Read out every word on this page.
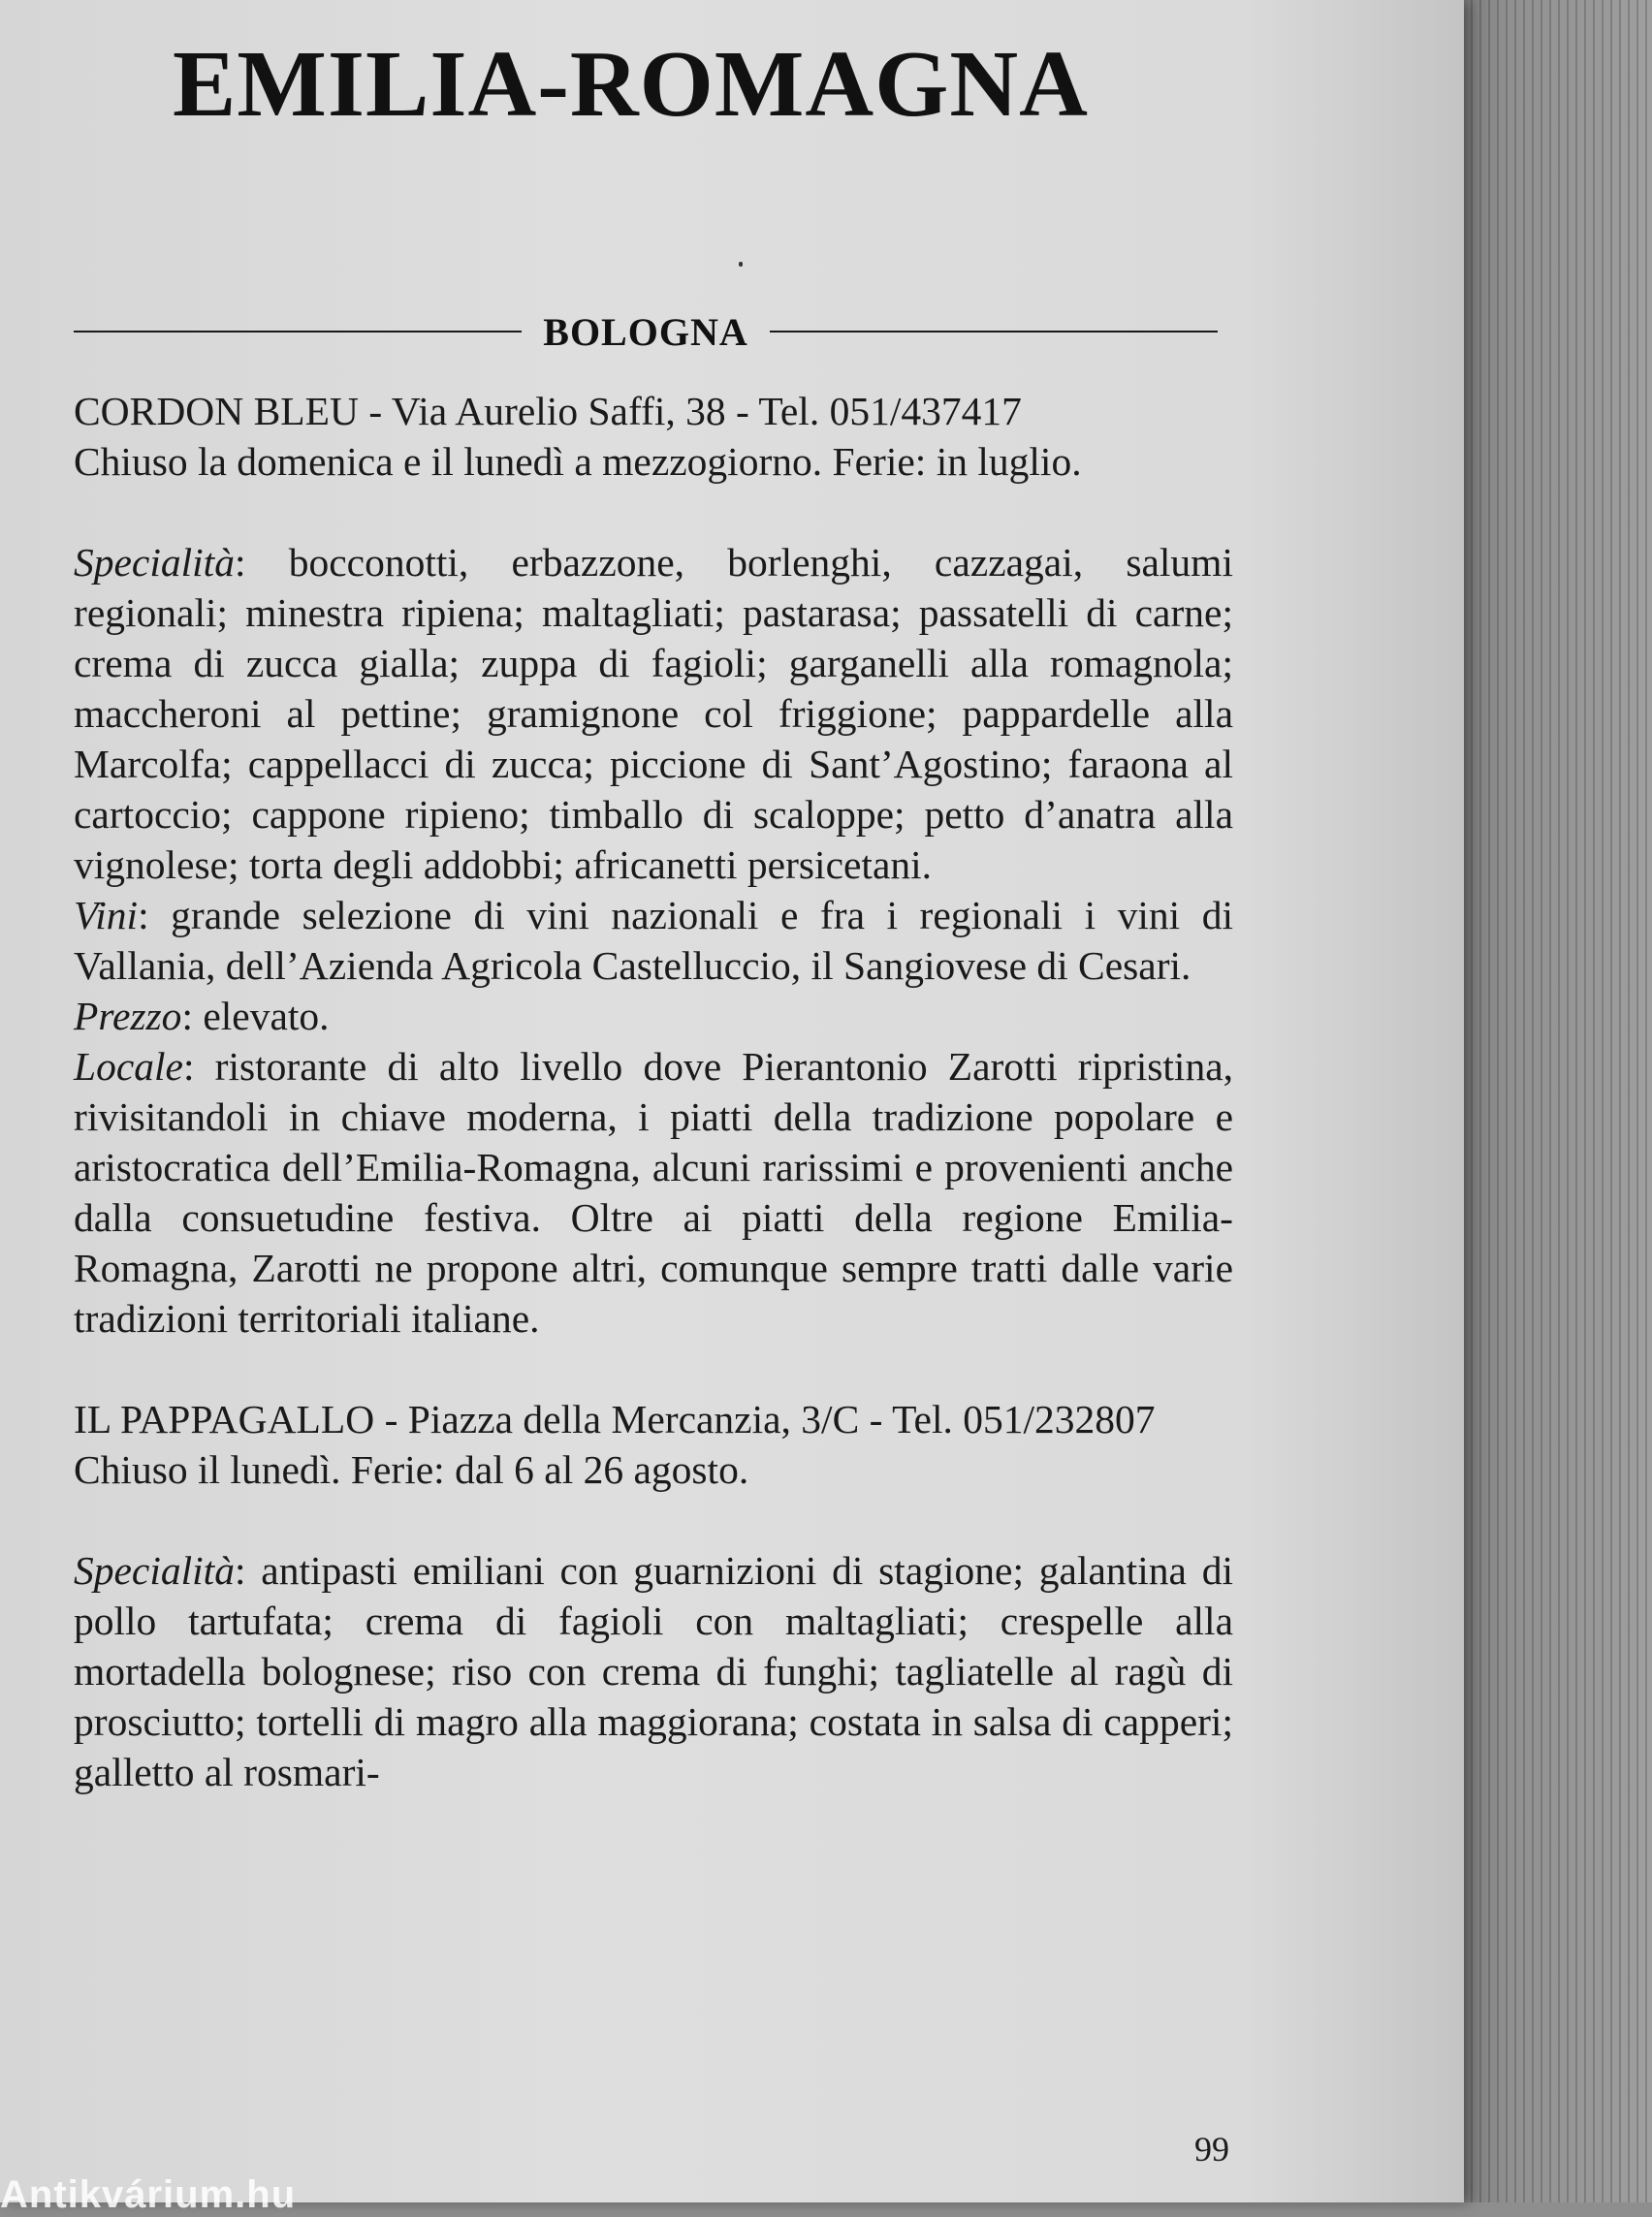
EMILIA-ROMAGNA
BOLOGNA

CORDON BLEU - Via Aurelio Saffi, 38 - Tel. 051/437417

Chiuso la domenica e il lunedì a mezzogiorno. Ferie: in luglio.

Specialità: bocconotti, erbazzone, borlenghi, cazzagai, salumi regionali; minestra ripiena; maltagliati; pastarasa; passatelli di carne; crema di zucca gialla; zuppa di fagioli; garganelli alla romagnola; maccheroni al pettine; gramignone col friggione; pappardelle alla Marcolfa; cappellacci di zucca; piccione di Sant’Agostino; faraona al cartoccio; cappone ripieno; timballo di scaloppe; petto d’anatra alla vignolese; torta degli addobbi; africanetti persicetani.

Vini: grande selezione di vini nazionali e fra i regionali i vini di Vallania, dell’Azienda Agricola Castelluccio, il Sangiovese di Cesari.

Prezzo: elevato.

Locale: ristorante di alto livello dove Pierantonio Zarotti ripristina, rivisitandoli in chiave moderna, i piatti della tradizione popolare e aristocratica dell’Emilia-Romagna, alcuni rarissimi e provenienti anche dalla consuetudine festiva. Oltre ai piatti della regione Emilia-Romagna, Zarotti ne propone altri, comunque sempre tratti dalle varie tradizioni territoriali italiane.

IL PAPPAGALLO - Piazza della Mercanzia, 3/C - Tel. 051/232807

Chiuso il lunedì. Ferie: dal 6 al 26 agosto.

Specialità: antipasti emiliani con guarnizioni di stagione; galantina di pollo tartufata; crema di fagioli con maltagliati; crespelle alla mortadella bolognese; riso con crema di funghi; tagliatelle al ragù di prosciutto; tortelli di magro alla maggiorana; costata in salsa di capperi; galletto al rosmari-

99
Antikvárium.hu
